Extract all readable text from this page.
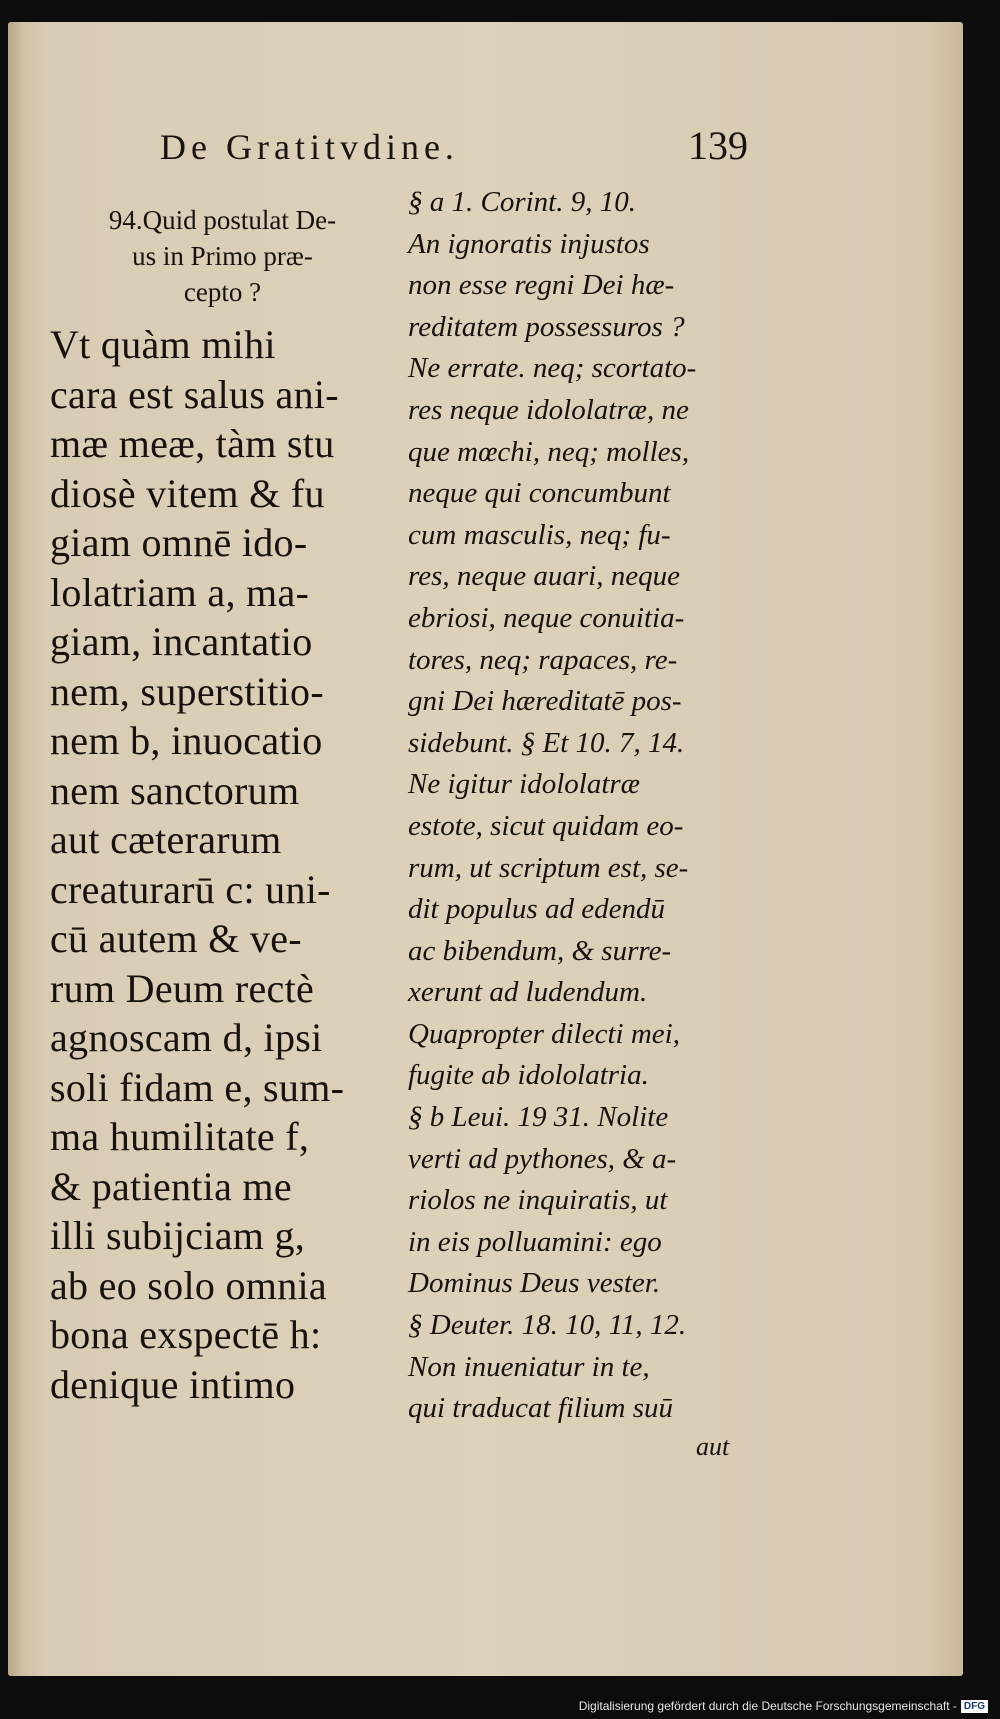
De Gratitvdine.	139
94.Quid postulat De-
us in Primo præ-
cepto ?
Vt quàm mihi
cara est salus ani-
mæ meæ, tàm stu
diosè vitem & fu
giam omnē ido-
lolatriam a, ma-
giam, incantatio
nem, superstitio-
nem b, inuocatio
nem sanctorum
aut cæterarum
creaturarū c: uni-
cū autem & ve-
rum Deum rectè
agnoscam d, ipsi
soli fidam e, sum-
ma humilitate f,
& patientia me
illi subijciam g,
ab eo solo omnia
bona exspectē h:
denique intimo
§ a 1. Corint. 9, 10.
An ignoratis injustos
non esse regni Dei hæ-
reditatem possessuros ?
Ne errate. neq; scortato-
res neque idololatræ, ne
que mœchi, neq; molles,
neque qui concumbunt
cum masculis, neq; fu-
res, neque auari, neque
ebriosi, neque conuitia-
tores, neq; rapaces, re-
gni Dei hæreditatē pos-
sidebunt. § Et 10. 7, 14.
Ne igitur idololatræ
estote, sicut quidam eo-
rum, ut scriptum est, se-
dit populus ad edendū
ac bibendum, & surre-
xerunt ad ludendum.
Quapropter dilecti mei,
fugite ab idololatria.
§ b Leui. 19 31. Nolite
verti ad pythones, & a-
riolos ne inquiratis, ut
in eis polluamini: ego
Dominus Deus vester.
§ Deuter. 18. 10, 11, 12.
Non inueniatur in te,
qui traducat filium suū
aut
Digitalisierung gefördert durch die Deutsche Forschungsgemeinschaft - DFG
